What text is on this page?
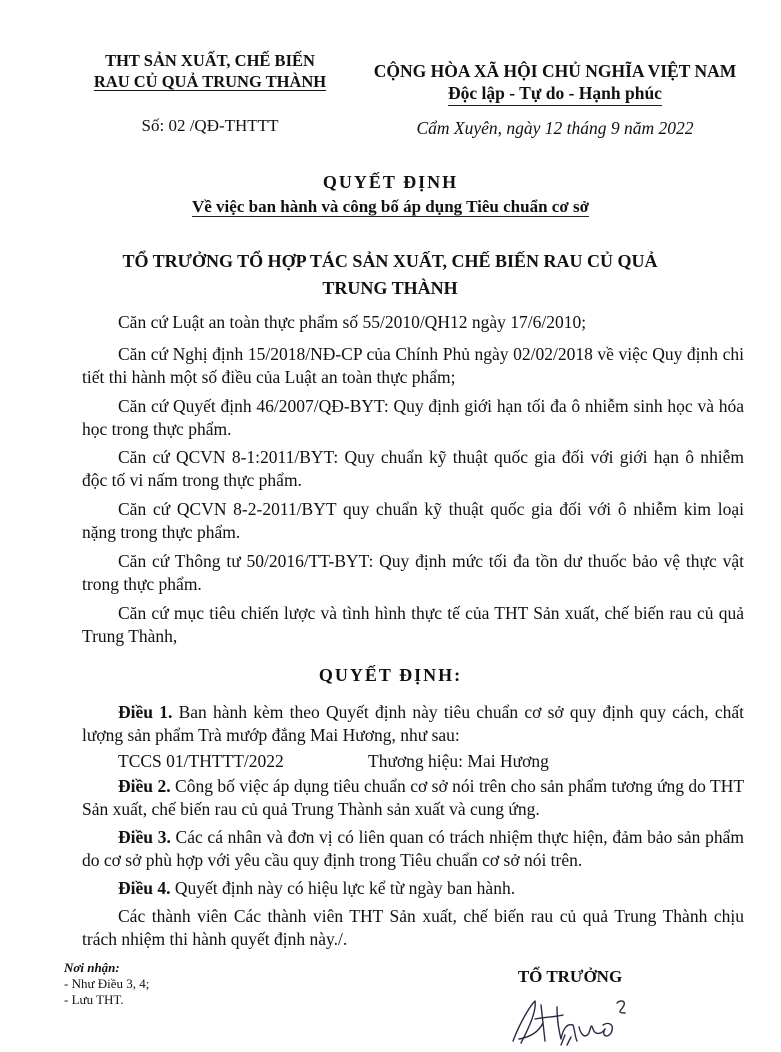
THT SẢN XUẤT, CHẾ BIẾN
RAU CỦ QUẢ TRUNG THÀNH
CỘNG HÒA XÃ HỘI CHỦ NGHĨA VIỆT NAM
Độc lập - Tự do - Hạnh phúc
Số: 02 /QĐ-THTTT	Cẩm Xuyên, ngày 12 tháng 9 năm 2022
QUYẾT ĐỊNH
Về việc ban hành và công bố áp dụng Tiêu chuẩn cơ sở
TỔ TRƯỞNG TỔ HỢP TÁC SẢN XUẤT, CHẾ BIẾN RAU CỦ QUẢ
TRUNG THÀNH
Căn cứ Luật an toàn thực phẩm số 55/2010/QH12 ngày 17/6/2010;
Căn cứ Nghị định 15/2018/NĐ-CP của Chính Phủ ngày 02/02/2018 về việc Quy định chi tiết thi hành một số điều của Luật an toàn thực phẩm;
Căn cứ Quyết định 46/2007/QĐ-BYT: Quy định giới hạn tối đa ô nhiễm sinh học và hóa học trong thực phẩm.
Căn cứ QCVN 8-1:2011/BYT: Quy chuẩn kỹ thuật quốc gia đối với giới hạn ô nhiễm độc tố vi nấm trong thực phẩm.
Căn cứ QCVN 8-2-2011/BYT quy chuẩn kỹ thuật quốc gia đối với ô nhiễm kim loại nặng trong thực phẩm.
Căn cứ Thông tư 50/2016/TT-BYT: Quy định mức tối đa tồn dư thuốc bảo vệ thực vật trong thực phẩm.
Căn cứ mục tiêu chiến lược và tình hình thực tế của THT Sản xuất, chế biến rau củ quả Trung Thành,
QUYẾT ĐỊNH:
Điều 1. Ban hành kèm theo Quyết định này tiêu chuẩn cơ sở quy định quy cách, chất lượng sản phẩm Trà mướp đắng Mai Hương, như sau:
TCCS 01/THTTT/2022	Thương hiệu: Mai Hương
Điều 2. Công bố việc áp dụng tiêu chuẩn cơ sở nói trên cho sản phẩm tương ứng do THT Sản xuất, chế biến rau củ quả Trung Thành sản xuất và cung ứng.
Điều 3. Các cá nhân và đơn vị có liên quan có trách nhiệm thực hiện, đảm bảo sản phẩm do cơ sở phù hợp với yêu cầu quy định trong Tiêu chuẩn cơ sở nói trên.
Điều 4. Quyết định này có hiệu lực kể từ ngày ban hành.
Các thành viên Các thành viên THT Sản xuất, chế biến rau củ quả Trung Thành chịu trách nhiệm thi hành quyết định này./.
Nơi nhận:
- Như Điều 3, 4;
- Lưu THT.
TỔ TRƯỞNG
